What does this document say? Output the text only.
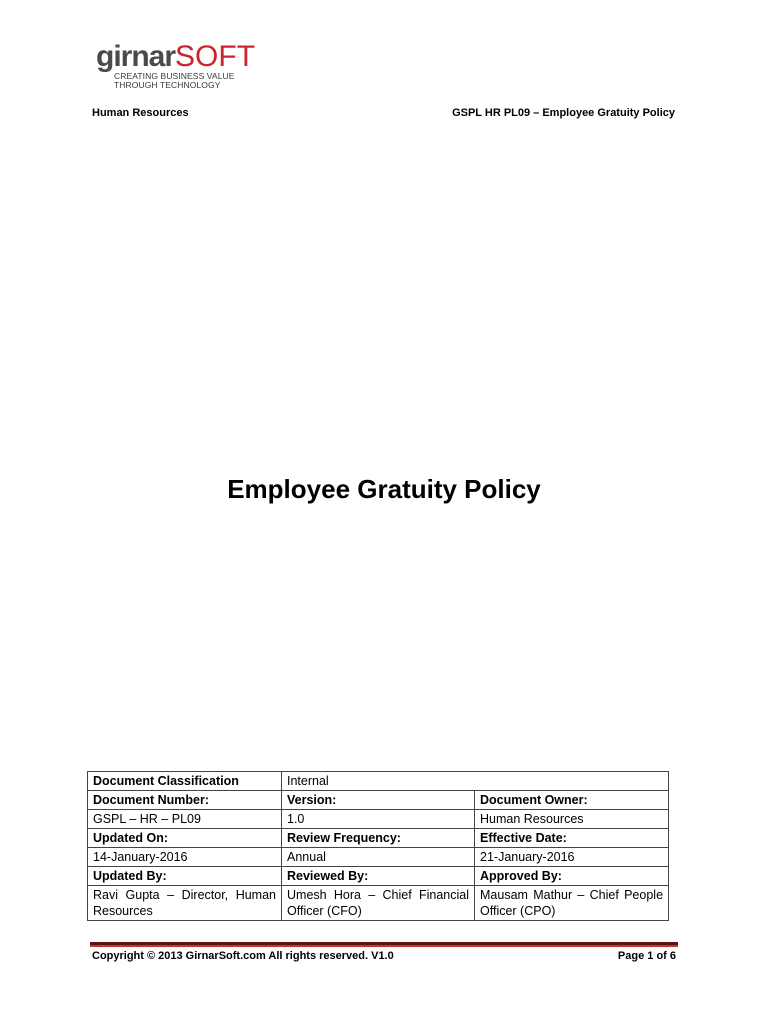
girnarSOFT
CREATING BUSINESS VALUE
THROUGH TECHNOLOGY
Human Resources	GSPL HR PL09 – Employee Gratuity Policy
Employee Gratuity Policy
Document Classification	Internal	
Document Number:	Version:	Document Owner:
GSPL – HR – PL09	1.0	Human Resources
Updated On:	Review Frequency:	Effective Date:
14-January-2016	Annual	21-January-2016
Updated By:	Reviewed By:	Approved By:
Ravi Gupta – Director, Human Resources	Umesh Hora – Chief Financial Officer (CFO)	Mausam Mathur – Chief People Officer (CPO)
Copyright © 2013 GirnarSoft.com All rights reserved. V1.0	Page 1 of 6
